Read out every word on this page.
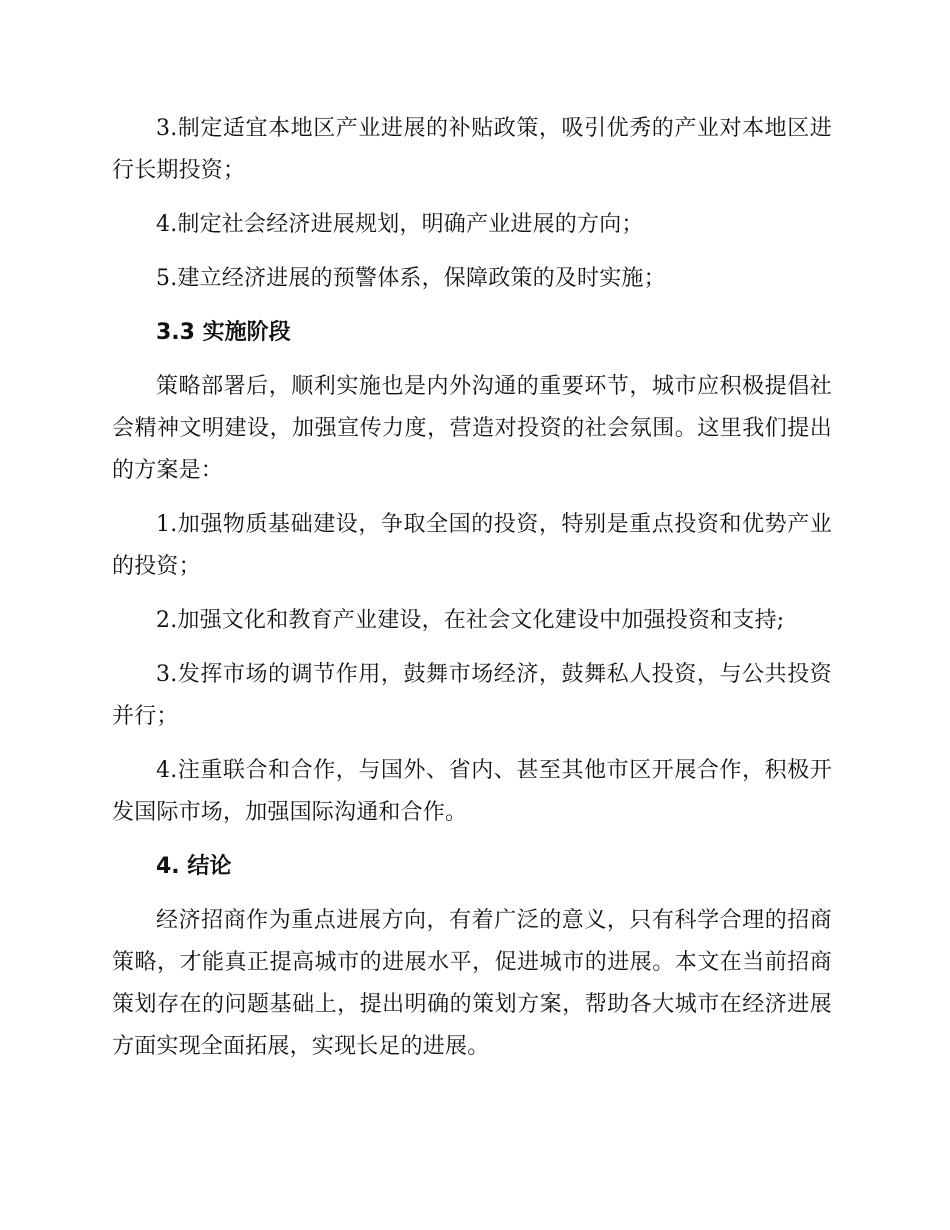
3.制定适宜本地区产业进展的补贴政策，吸引优秀的产业对本地区进行长期投资；

4.制定社会经济进展规划，明确产业进展的方向；

5.建立经济进展的预警体系，保障政策的及时实施；

3.3 实施阶段

策略部署后，顺利实施也是内外沟通的重要环节，城市应积极提倡社会精神文明建设，加强宣传力度，营造对投资的社会氛围。这里我们提出的方案是：

1.加强物质基础建设，争取全国的投资，特别是重点投资和优势产业的投资；

2.加强文化和教育产业建设，在社会文化建设中加强投资和支持;

3.发挥市场的调节作用，鼓舞市场经济，鼓舞私人投资，与公共投资并行；

4.注重联合和合作，与国外、省内、甚至其他市区开展合作，积极开发国际市场，加强国际沟通和合作。

4. 结论

经济招商作为重点进展方向，有着广泛的意义，只有科学合理的招商策略，才能真正提高城市的进展水平，促进城市的进展。本文在当前招商策划存在的问题基础上，提出明确的策划方案，帮助各大城市在经济进展方面实现全面拓展，实现长足的进展。
